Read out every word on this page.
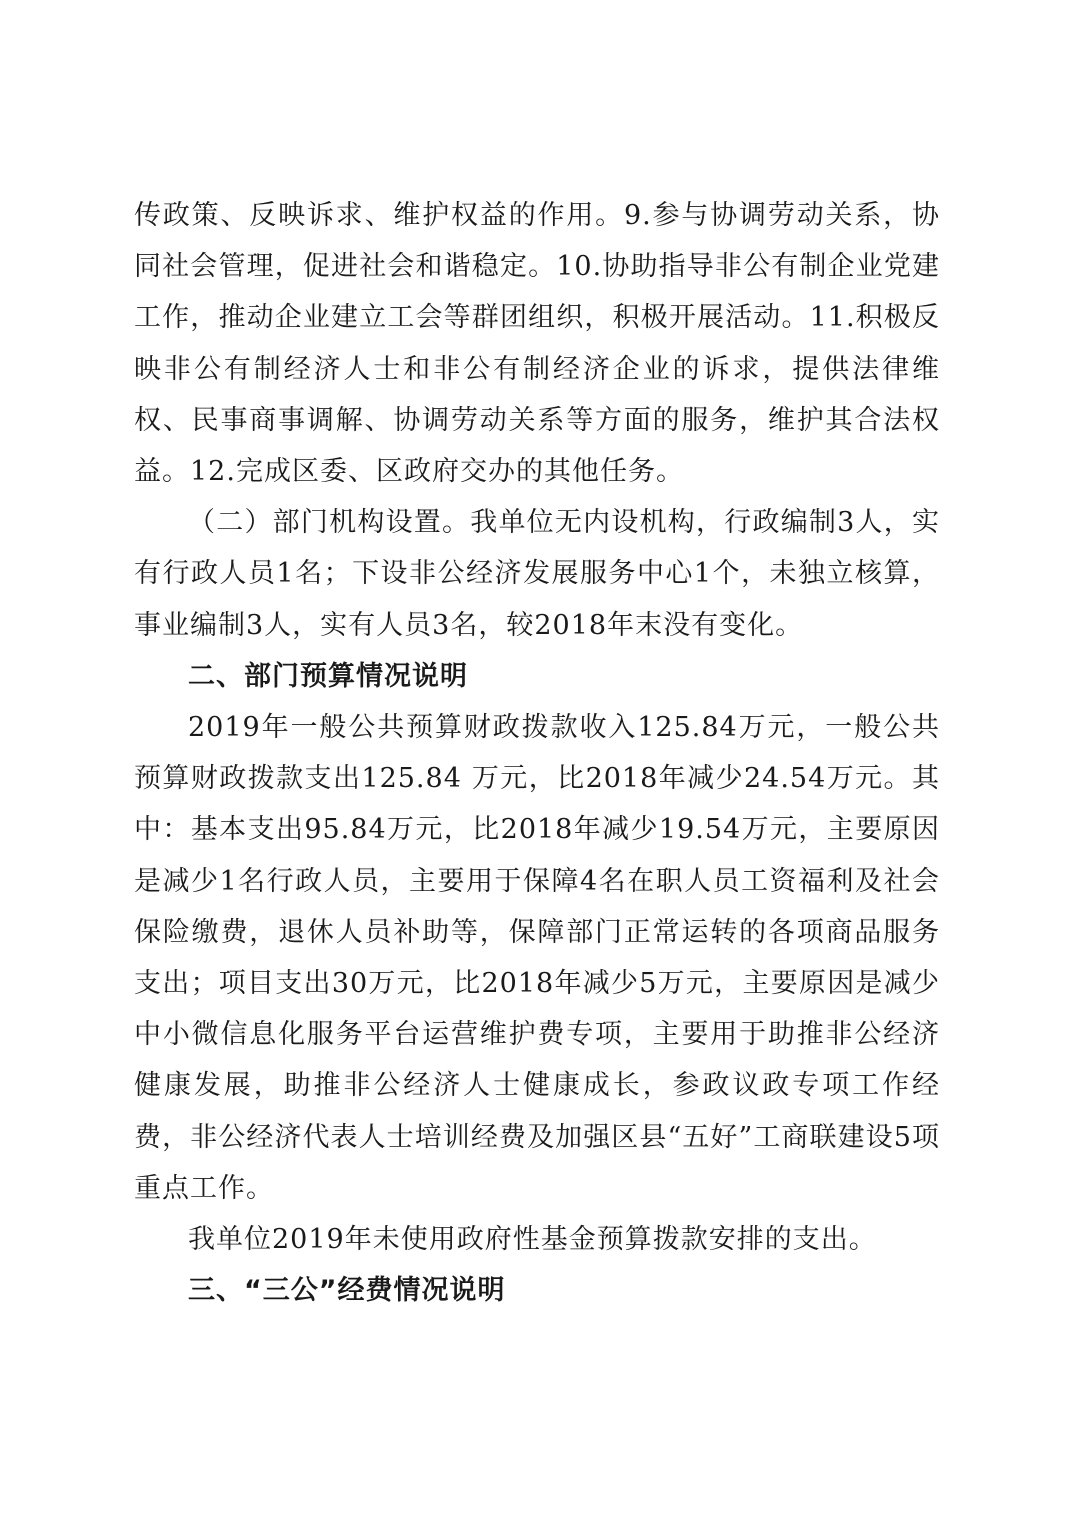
传政策、反映诉求、维护权益的作用。9.参与协调劳动关系，协同社会管理，促进社会和谐稳定。10.协助指导非公有制企业党建工作，推动企业建立工会等群团组织，积极开展活动。11.积极反映非公有制经济人士和非公有制经济企业的诉求，提供法律维权、民事商事调解、协调劳动关系等方面的服务，维护其合法权益。12.完成区委、区政府交办的其他任务。

（二）部门机构设置。我单位无内设机构，行政编制3人，实有行政人员1名；下设非公经济发展服务中心1个，未独立核算，事业编制3人，实有人员3名，较2018年末没有变化。

二、部门预算情况说明

2019年一般公共预算财政拨款收入125.84万元，一般公共预算财政拨款支出125.84 万元，比2018年减少24.54万元。其中：基本支出95.84万元，比2018年减少19.54万元，主要原因是减少1名行政人员，主要用于保障4名在职人员工资福利及社会保险缴费，退休人员补助等，保障部门正常运转的各项商品服务支出；项目支出30万元，比2018年减少5万元，主要原因是减少中小微信息化服务平台运营维护费专项，主要用于助推非公经济健康发展，助推非公经济人士健康成长，参政议政专项工作经费，非公经济代表人士培训经费及加强区县“五好”工商联建设5项重点工作。

我单位2019年未使用政府性基金预算拨款安排的支出。

三、“三公”经费情况说明
